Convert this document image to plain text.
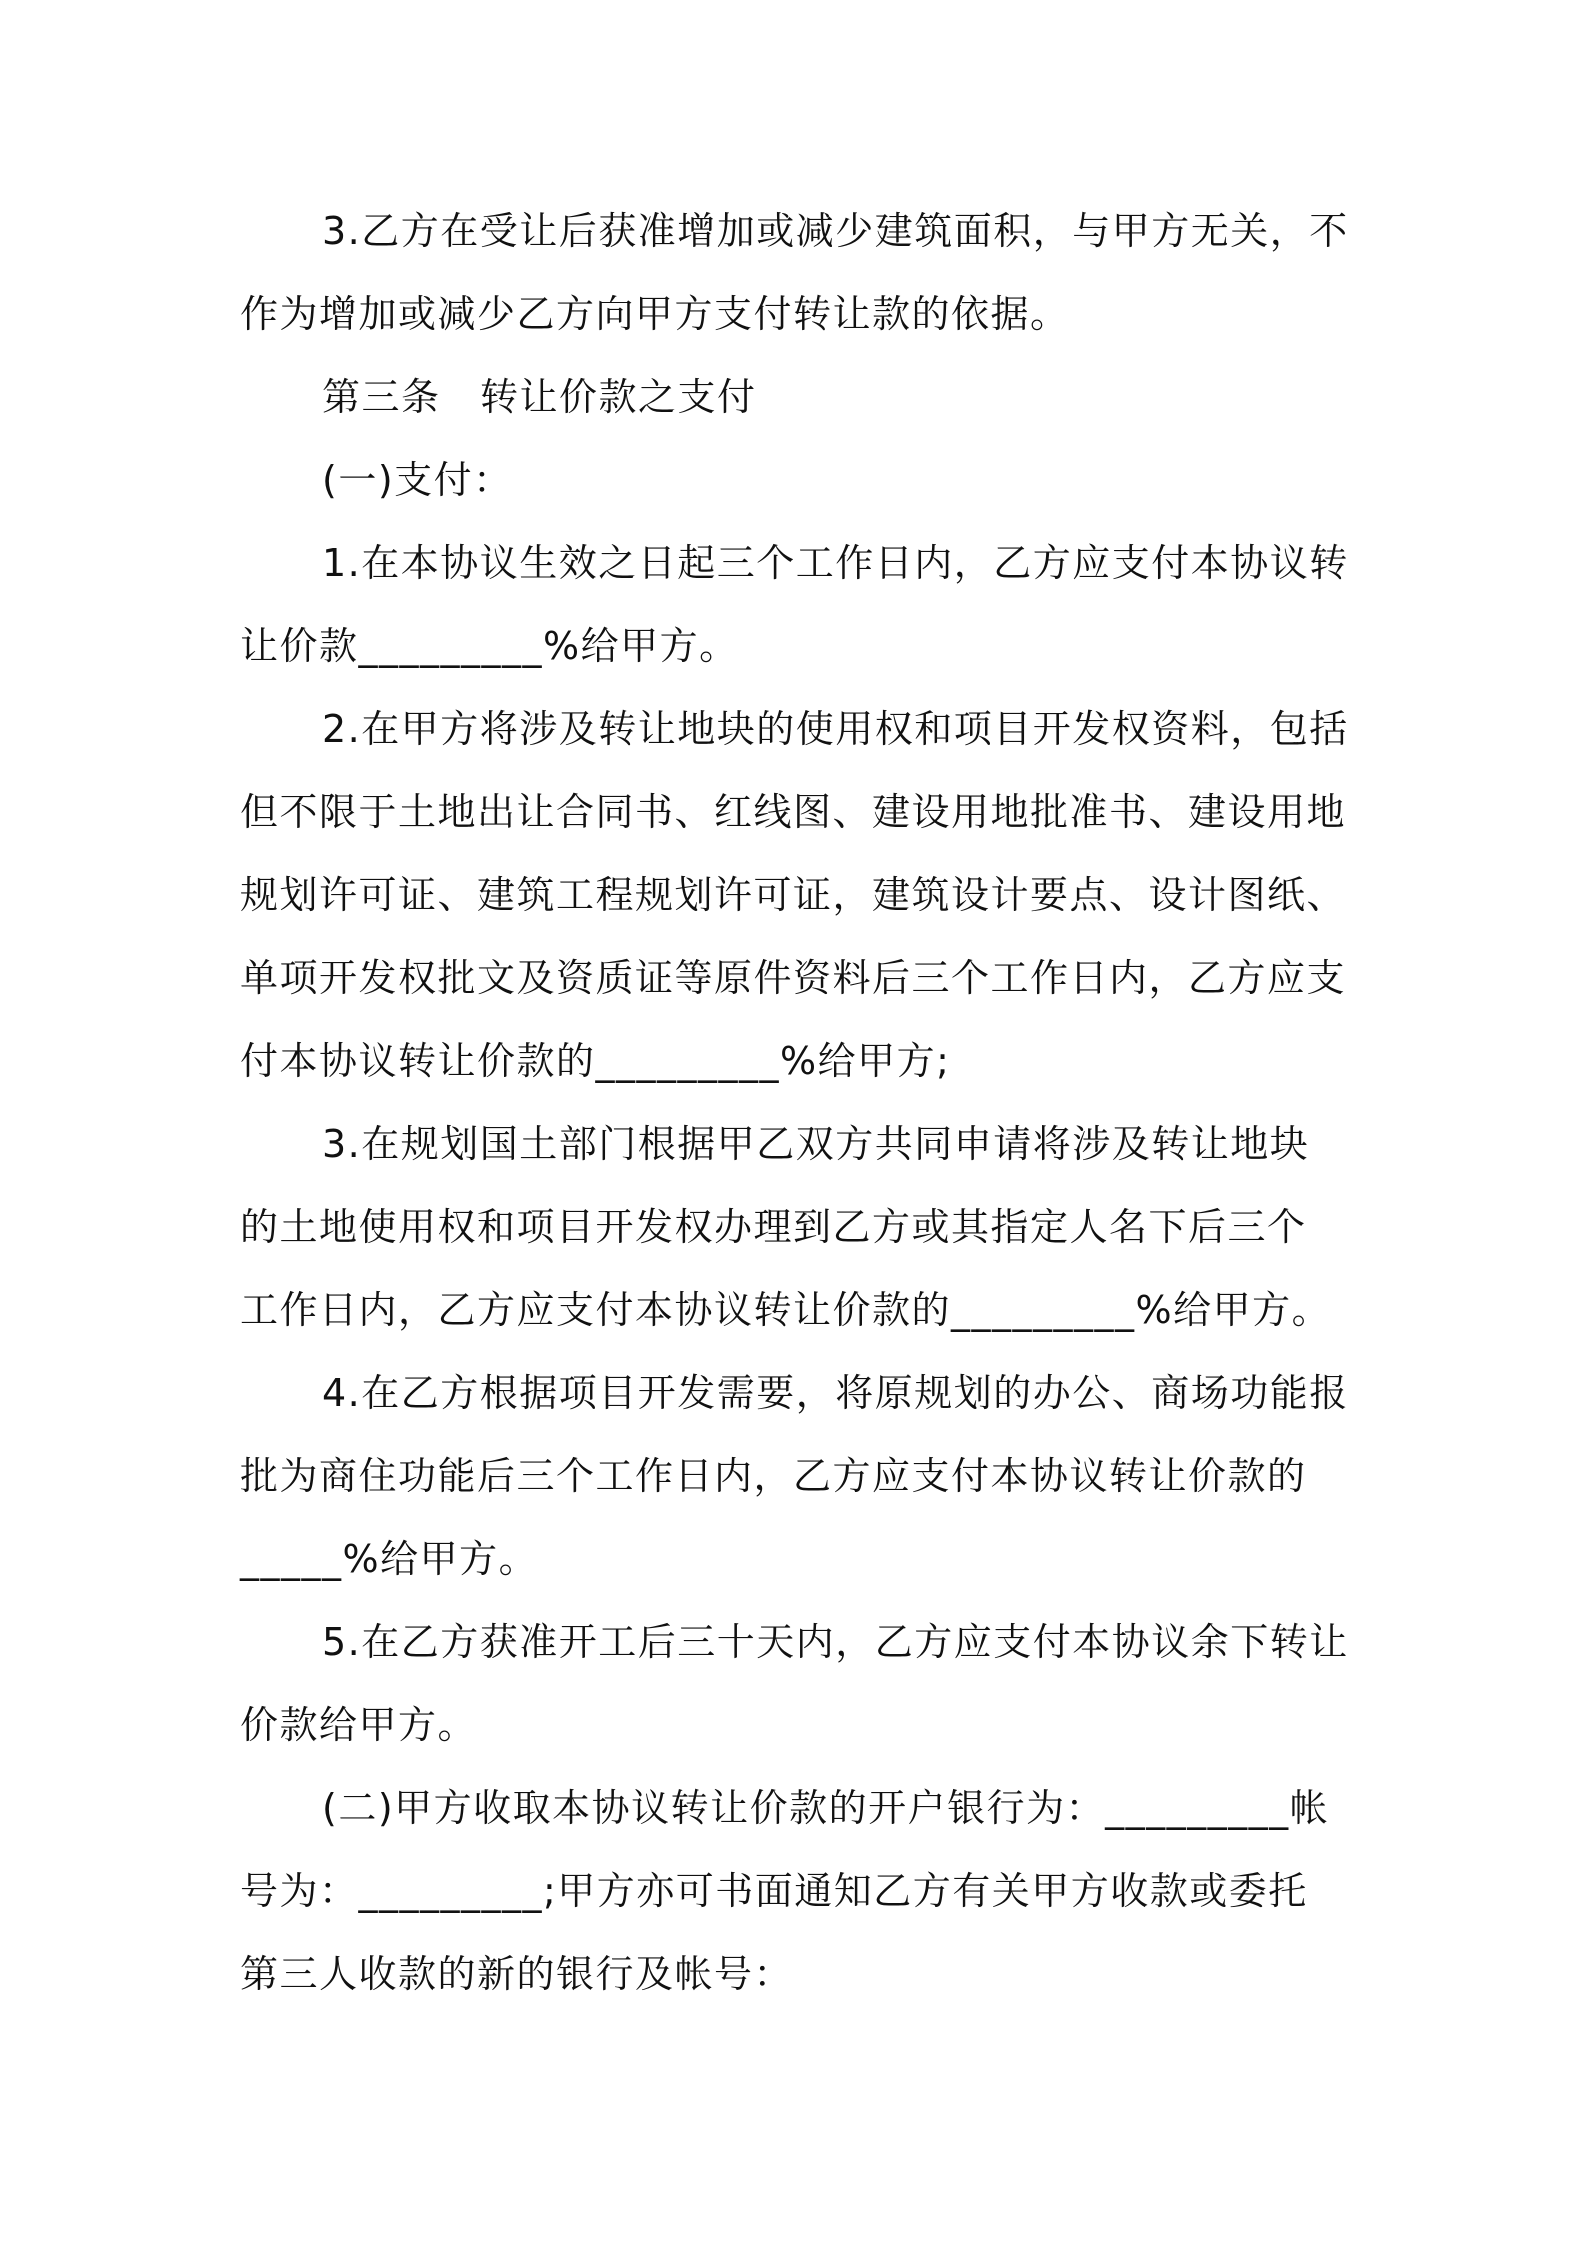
3.乙方在受让后获准增加或减少建筑面积，与甲方无关，不
作为增加或减少乙方向甲方支付转让款的依据。
第三条　转让价款之支付
(一)支付：
1.在本协议生效之日起三个工作日内，乙方应支付本协议转
让价款_________%给甲方。
2.在甲方将涉及转让地块的使用权和项目开发权资料，包括
但不限于土地出让合同书、红线图、建设用地批准书、建设用地
规划许可证、建筑工程规划许可证，建筑设计要点、设计图纸、
单项开发权批文及资质证等原件资料后三个工作日内，乙方应支
付本协议转让价款的_________%给甲方;
3.在规划国土部门根据甲乙双方共同申请将涉及转让地块
的土地使用权和项目开发权办理到乙方或其指定人名下后三个
工作日内，乙方应支付本协议转让价款的_________%给甲方。
4.在乙方根据项目开发需要，将原规划的办公、商场功能报
批为商住功能后三个工作日内，乙方应支付本协议转让价款的
_____%给甲方。
5.在乙方获准开工后三十天内，乙方应支付本协议余下转让
价款给甲方。
(二)甲方收取本协议转让价款的开户银行为：_________帐
号为：_________;甲方亦可书面通知乙方有关甲方收款或委托
第三人收款的新的银行及帐号：
